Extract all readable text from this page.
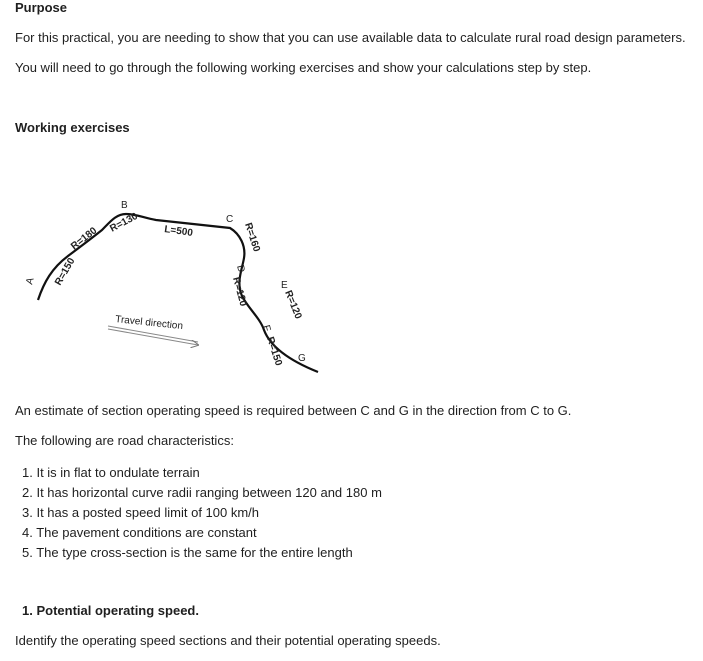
Purpose
For this practical, you are needing to show that you can use available data to calculate rural road design parameters.
You will need to go through the following working exercises and show your calculations step by step.
Working exercises
A
B
C
D
E
F
G
R=150
R=180
R=130 L=500	R=160
R=120	R=120
R=150
Travel direction
An estimate of section operating speed is required between C and G in the direction from C to G.
The following are road characteristics:
1. It is in flat to ondulate terrain
2. It has horizontal curve radii ranging between 120 and 180 m
3. It has a posted speed limit of 100 km/h
4. The pavement conditions are constant
5. The type cross-section is the same for the entire length
1. Potential operating speed.
Identify the operating speed sections and their potential operating speeds.
